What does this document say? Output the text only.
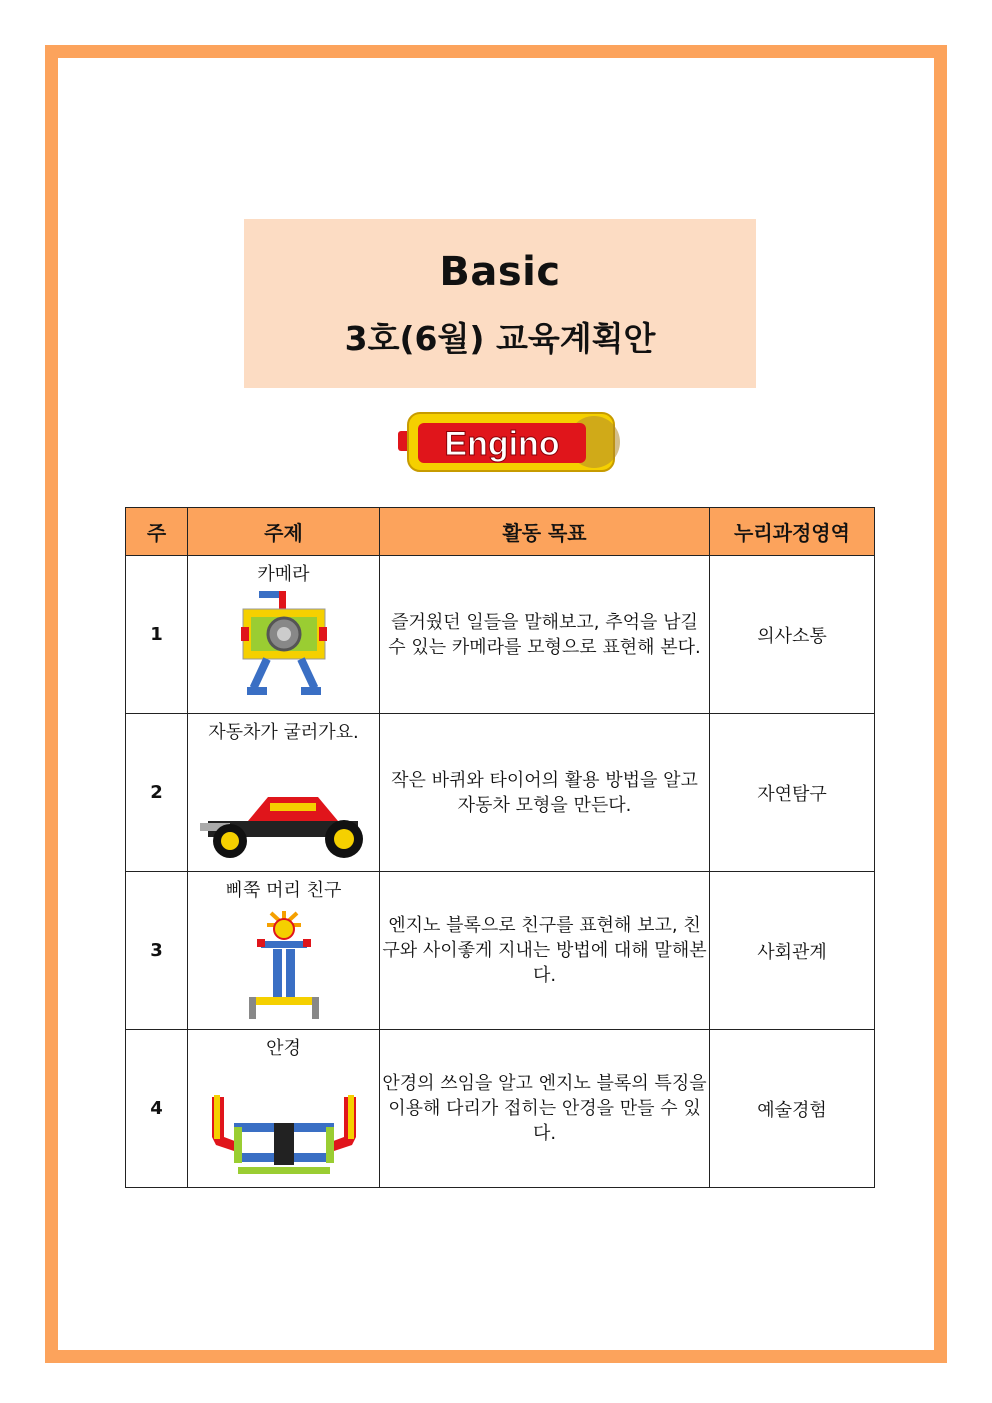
Basic
3호(6월) 교육계획안
Engino
주	주제	활동 목표	누리과정영역
1	카메라	즐거웠던 일들을 말해보고, 추억을 남길 수 있는 카메라를 모형으로 표현해 본다.	의사소통
2	자동차가 굴러가요.	작은 바퀴와 타이어의 활용 방법을 알고 자동차 모형을 만든다.	자연탐구
3	삐쭉 머리 친구	엔지노 블록으로 친구를 표현해 보고, 친구와 사이좋게 지내는 방법에 대해 말해본다.	사회관계
4	안경	안경의 쓰임을 알고 엔지노 블록의 특징을 이용해 다리가 접히는 안경을 만들 수 있다.	예술경험
